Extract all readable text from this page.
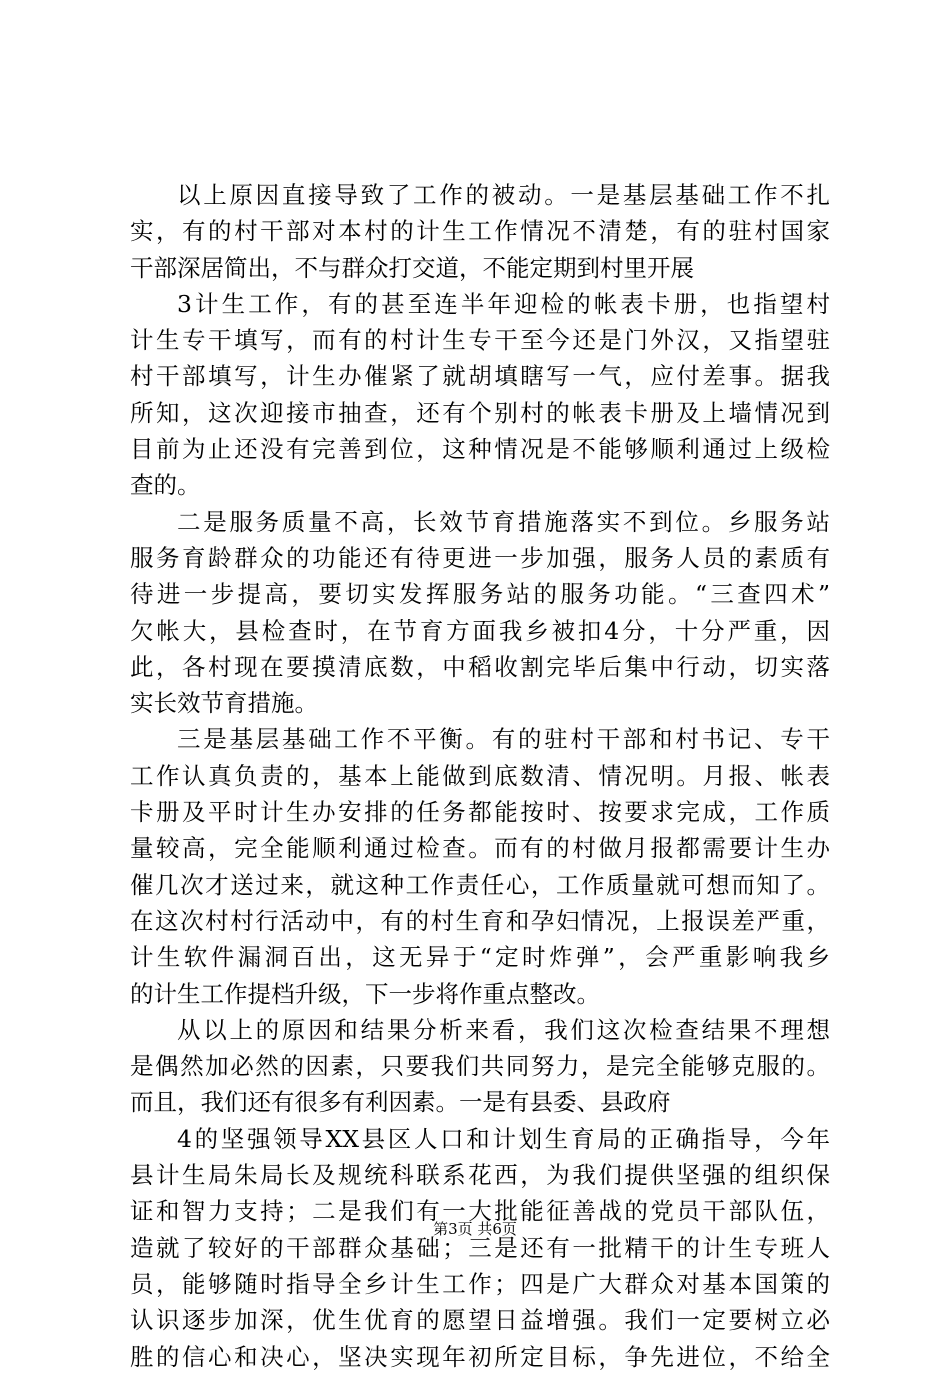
以上原因直接导致了工作的被动。一是基层基础工作不扎
实，有的村干部对本村的计生工作情况不清楚，有的驻村国家
干部深居简出，不与群众打交道，不能定期到村里开展
3计生工作，有的甚至连半年迎检的帐表卡册，也指望村
计生专干填写，而有的村计生专干至今还是门外汉，又指望驻
村干部填写，计生办催紧了就胡填瞎写一气，应付差事。据我
所知，这次迎接市抽查，还有个别村的帐表卡册及上墙情况到
目前为止还没有完善到位，这种情况是不能够顺利通过上级检
查的。
二是服务质量不高，长效节育措施落实不到位。乡服务站
服务育龄群众的功能还有待更进一步加强，服务人员的素质有
待进一步提高，要切实发挥服务站的服务功能。“三查四术”
欠帐大，县检查时，在节育方面我乡被扣4分，十分严重，因
此，各村现在要摸清底数，中稻收割完毕后集中行动，切实落
实长效节育措施。
三是基层基础工作不平衡。有的驻村干部和村书记、专干
工作认真负责的，基本上能做到底数清、情况明。月报、帐表
卡册及平时计生办安排的任务都能按时、按要求完成，工作质
量较高，完全能顺利通过检查。而有的村做月报都需要计生办
催几次才送过来，就这种工作责任心，工作质量就可想而知了。
在这次村村行活动中，有的村生育和孕妇情况，上报误差严重，
计生软件漏洞百出，这无异于“定时炸弹”，会严重影响我乡
的计生工作提档升级，下一步将作重点整改。
从以上的原因和结果分析来看，我们这次检查结果不理想
是偶然加必然的因素，只要我们共同努力，是完全能够克服的。
而且，我们还有很多有利因素。一是有县委、县政府
4的坚强领导XX县区人口和计划生育局的正确指导，今年
县计生局朱局长及规统科联系花西，为我们提供坚强的组织保
证和智力支持；二是我们有一大批能征善战的党员干部队伍，
造就了较好的干部群众基础；三是还有一批精干的计生专班人
员，能够随时指导全乡计生工作；四是广大群众对基本国策的
认识逐步加深，优生优育的愿望日益增强。我们一定要树立必
胜的信心和决心，坚决实现年初所定目标，争先进位，不给全
第3页 共6页
